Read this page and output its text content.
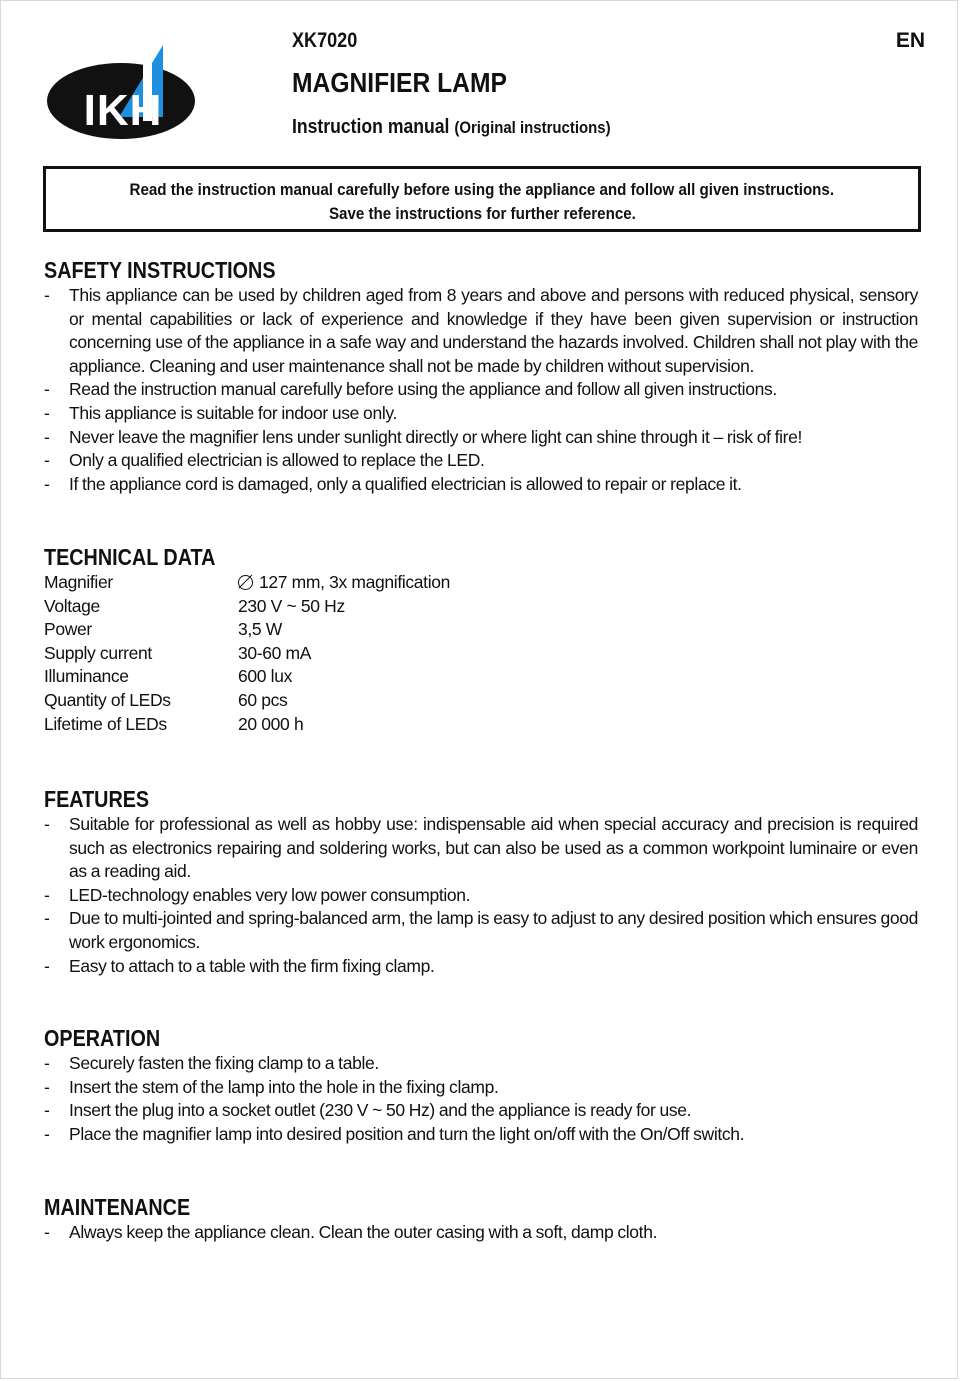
IKH
XK7020	EN
MAGNIFIER LAMP
Instruction manual (Original instructions)
Read the instruction manual carefully before using the appliance and follow all given instructions.
Save the instructions for further reference.
SAFETY INSTRUCTIONS
- This appliance can be used by children aged from 8 years and above and persons with reduced physical, sensory or mental capabilities or lack of experience and knowledge if they have been given supervision or instruction concerning use of the appliance in a safe way and understand the hazards involved. Children shall not play with the appliance. Cleaning and user maintenance shall not be made by children without supervision.
- Read the instruction manual carefully before using the appliance and follow all given instructions.
- This appliance is suitable for indoor use only.
- Never leave the magnifier lens under sunlight directly or where light can shine through it – risk of fire!
- Only a qualified electrician is allowed to replace the LED.
- If the appliance cord is damaged, only a qualified electrician is allowed to repair or replace it.
TECHNICAL DATA
Magnifier	127 mm, 3x magnification
Voltage	230 V ~ 50 Hz
Power	3,5 W
Supply current	30-60 mA
Illuminance	600 lux
Quantity of LEDs	60 pcs
Lifetime of LEDs	20 000 h
FEATURES
- Suitable for professional as well as hobby use: indispensable aid when special accuracy and precision is required such as electronics repairing and soldering works, but can also be used as a common workpoint luminaire or even as a reading aid.
- LED-technology enables very low power consumption.
- Due to multi-jointed and spring-balanced arm, the lamp is easy to adjust to any desired position which ensures good work ergonomics.
- Easy to attach to a table with the firm fixing clamp.
OPERATION
- Securely fasten the fixing clamp to a table.
- Insert the stem of the lamp into the hole in the fixing clamp.
- Insert the plug into a socket outlet (230 V ~ 50 Hz) and the appliance is ready for use.
- Place the magnifier lamp into desired position and turn the light on/off with the On/Off switch.
MAINTENANCE
- Always keep the appliance clean. Clean the outer casing with a soft, damp cloth.
